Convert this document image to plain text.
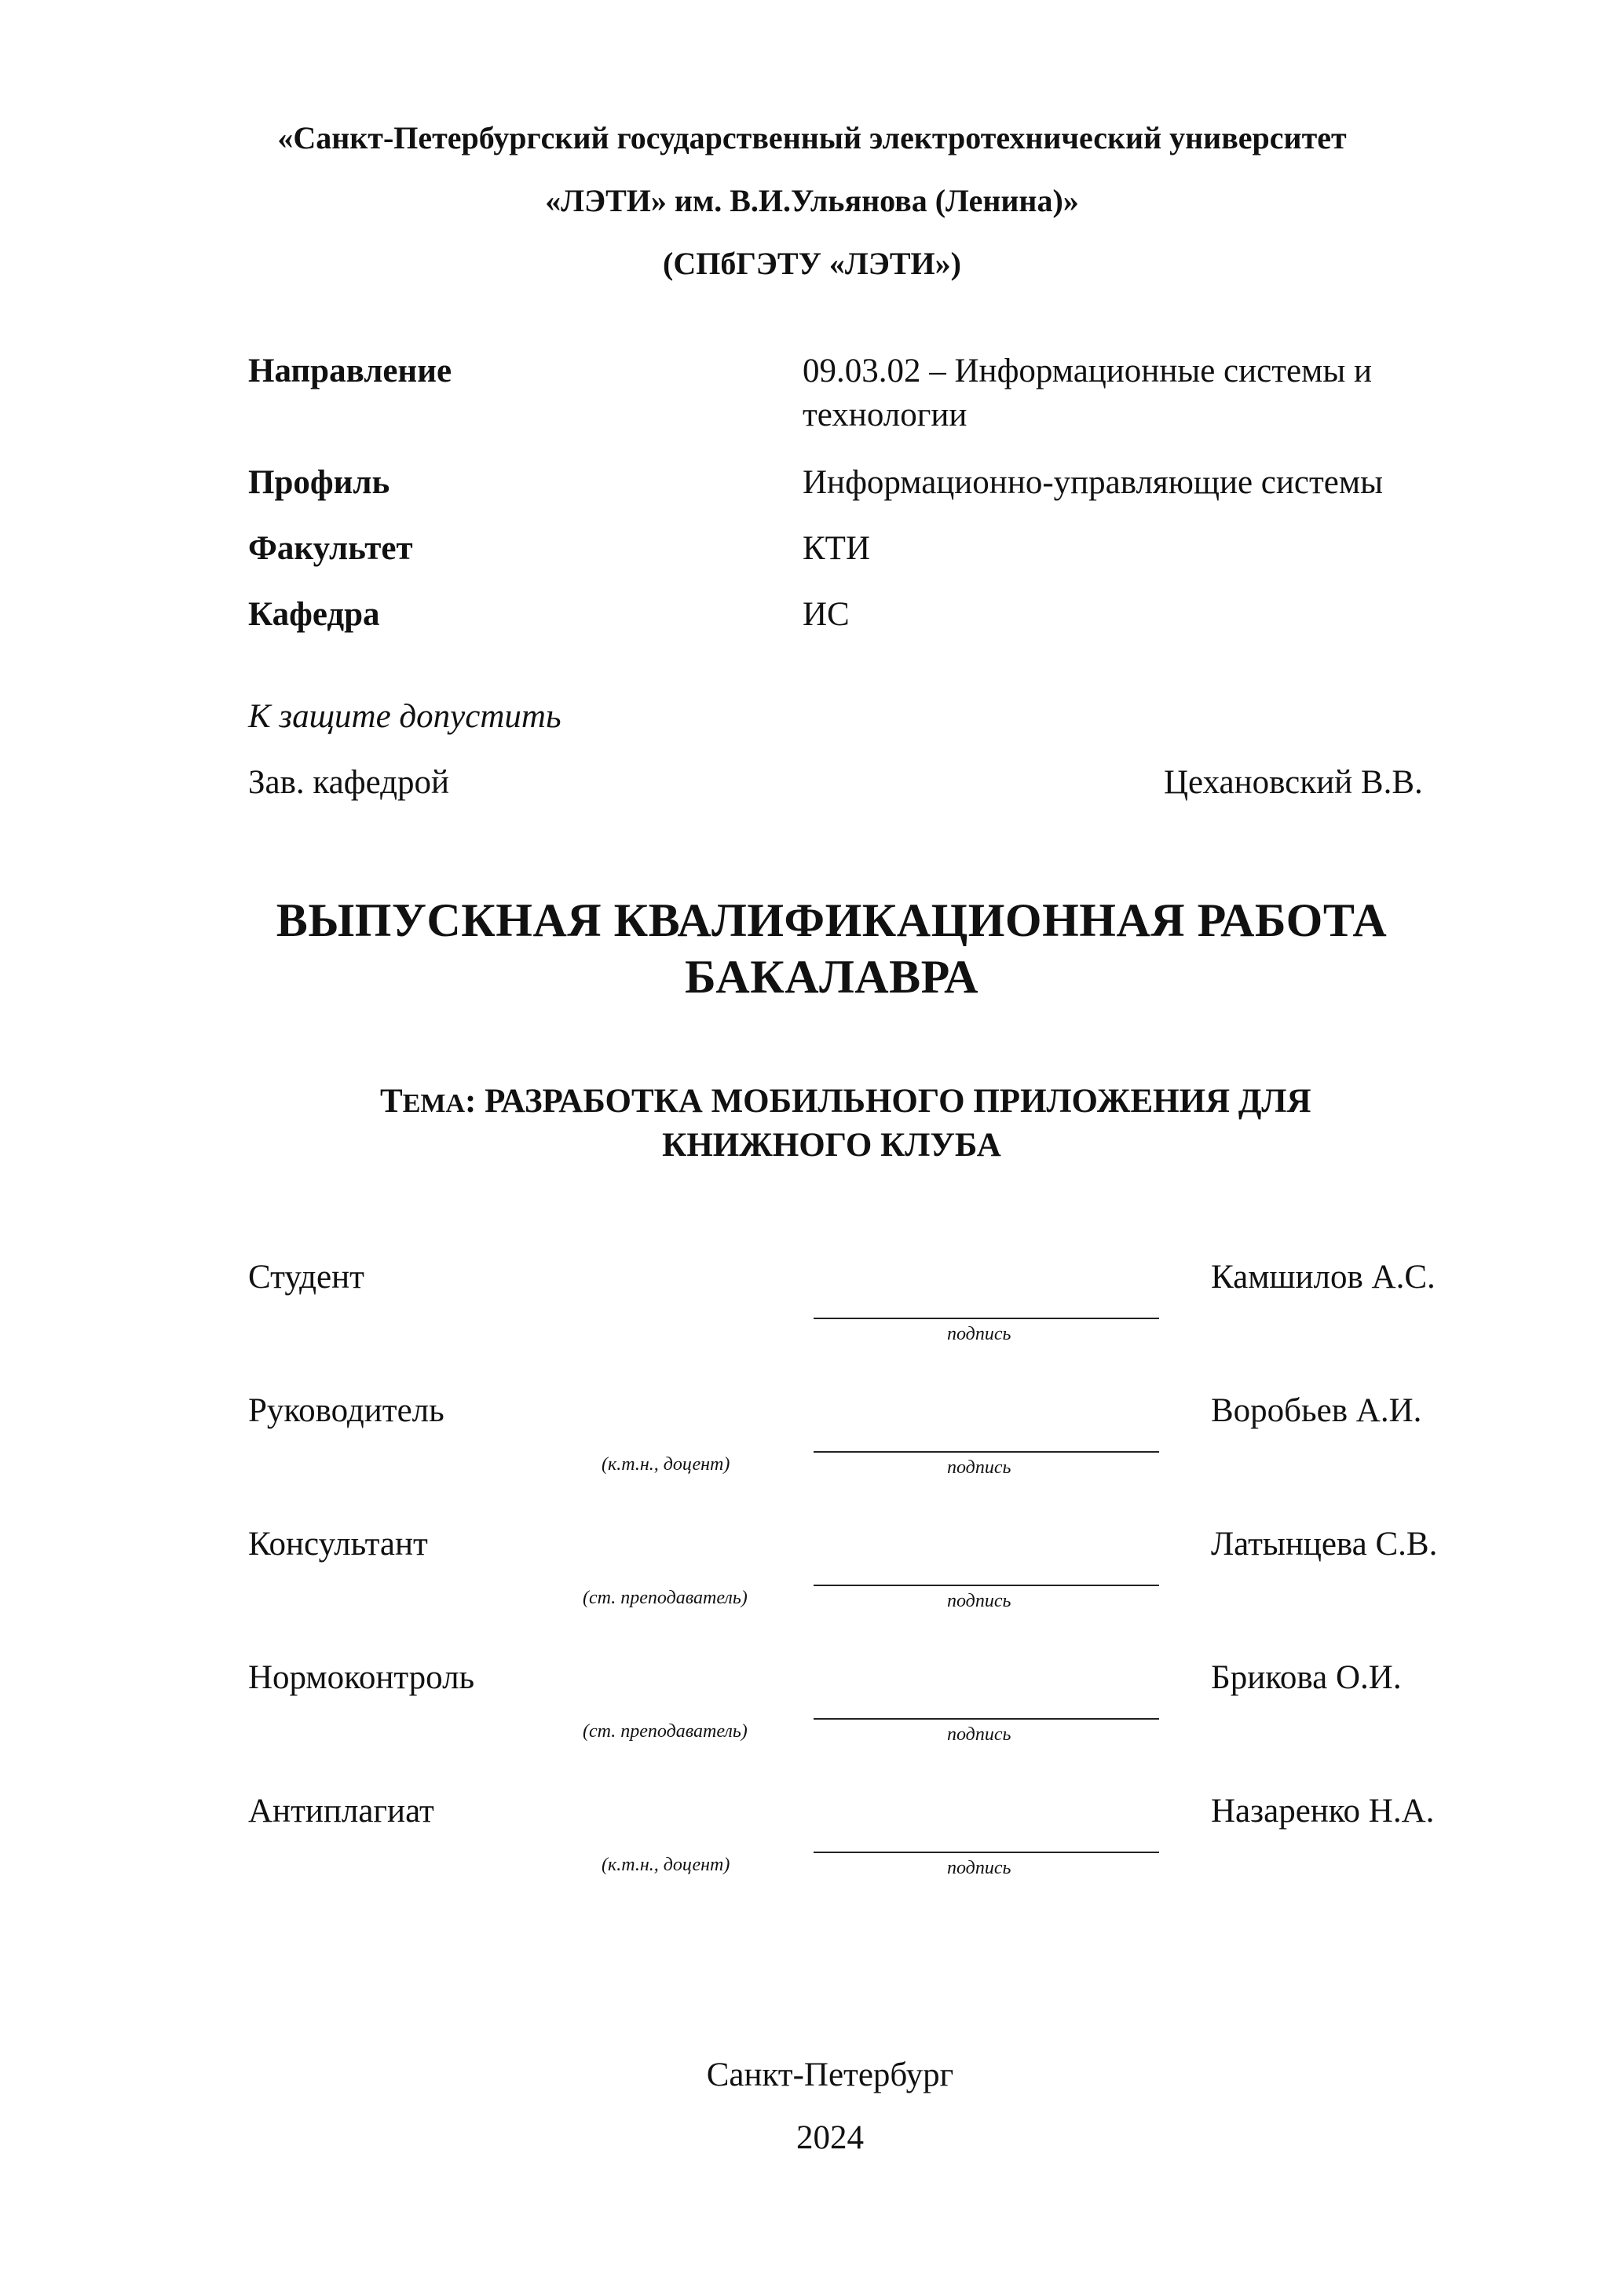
«Санкт-Петербургский государственный электротехнический университет
«ЛЭТИ» им. В.И.Ульянова (Ленина)»
(СПбГЭТУ «ЛЭТИ»)
Направление	09.03.02 – Информационные системы и
технологии
Профиль	Информационно-управляющие системы
Факультет	КТИ
Кафедра	ИС
К защите допустить
Зав. кафедрой	Цехановский В.В.
ВЫПУСКНАЯ КВАЛИФИКАЦИОННАЯ РАБОТА
БАКАЛАВРА
ТЕМА: РАЗРАБОТКА МОБИЛЬНОГО ПРИЛОЖЕНИЯ ДЛЯ
КНИЖНОГО КЛУБА
Студент
подпись
Камшилов А.С.
Руководитель
(к.т.н., доцент)	подпись
Воробьев А.И.
Консультант
(ст. преподаватель)	подпись
Латынцева С.В.
Нормоконтроль
(ст. преподаватель)	подпись
Брикова О.И.
Антиплагиат
(к.т.н., доцент)	подпись
Назаренко Н.А.
Санкт-Петербург
2024
